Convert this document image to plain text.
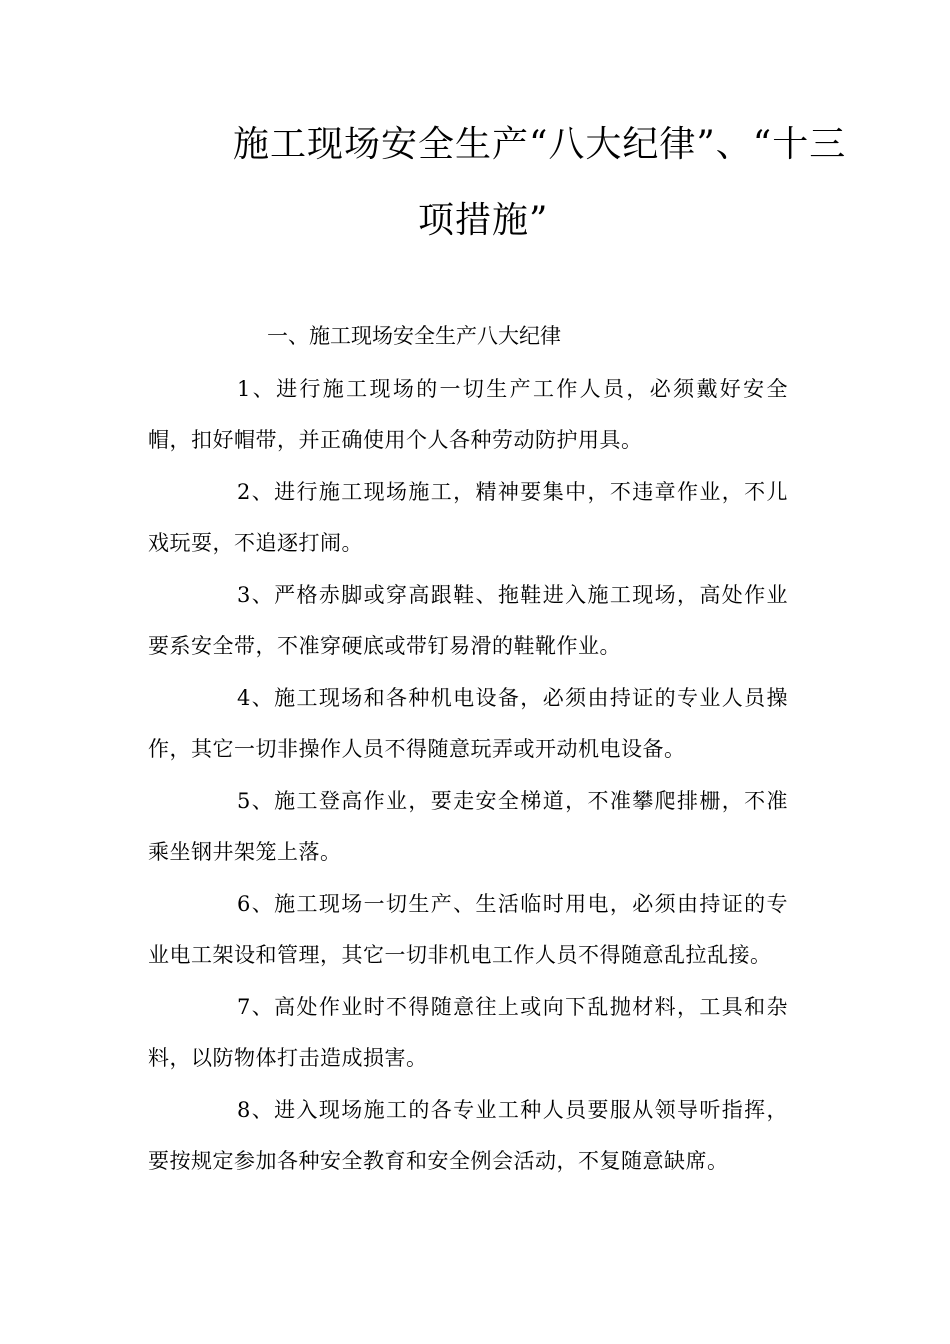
施工现场安全生产“八大纪律”、“十三
项措施”
一、施工现场安全生产八大纪律
1、进行施工现场的一切生产工作人员，必须戴好安全帽，扣好帽带，并正确使用个人各种劳动防护用具。
2、进行施工现场施工，精神要集中，不违章作业，不儿戏玩耍，不追逐打闹。
3、严格赤脚或穿高跟鞋、拖鞋进入施工现场，高处作业要系安全带，不准穿硬底或带钉易滑的鞋靴作业。
4、施工现场和各种机电设备，必须由持证的专业人员操作，其它一切非操作人员不得随意玩弄或开动机电设备。
5、施工登高作业，要走安全梯道，不准攀爬排栅，不准乘坐钢井架笼上落。
6、施工现场一切生产、生活临时用电，必须由持证的专业电工架设和管理，其它一切非机电工作人员不得随意乱拉乱接。
7、高处作业时不得随意往上或向下乱抛材料，工具和杂料，以防物体打击造成损害。
8、进入现场施工的各专业工种人员要服从领导听指挥，要按规定参加各种安全教育和安全例会活动，不复随意缺席。
